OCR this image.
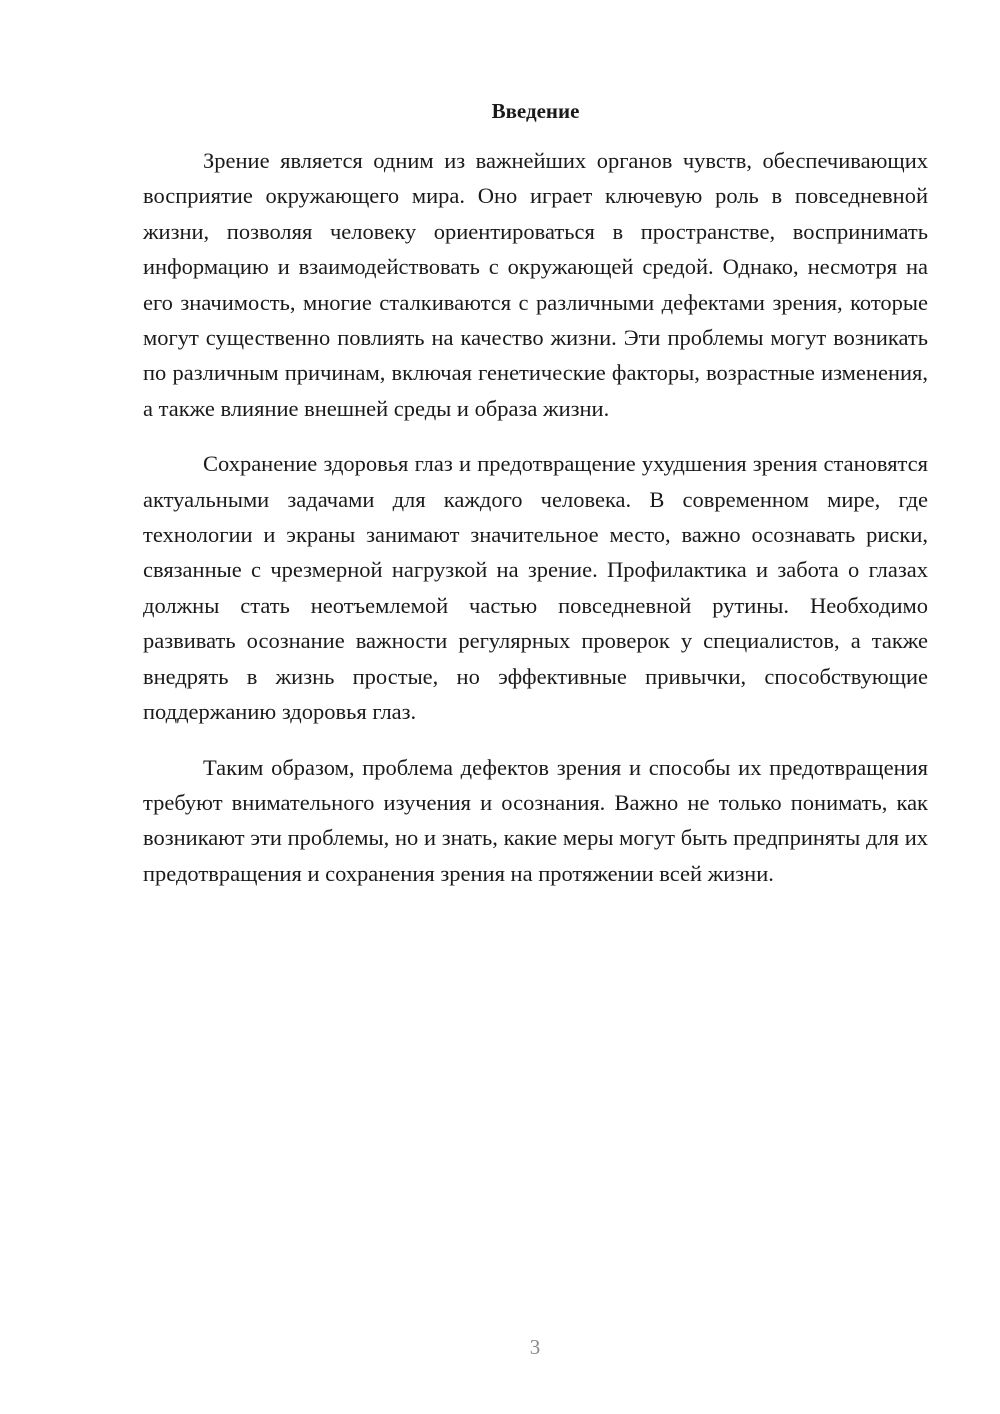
Введение

Зрение является одним из важнейших органов чувств, обеспечивающих восприятие окружающего мира. Оно играет ключевую роль в повседневной жизни, позволяя человеку ориентироваться в пространстве, воспринимать информацию и взаимодействовать с окружающей средой. Однако, несмотря на его значимость, многие сталкиваются с различными дефектами зрения, которые могут существенно повлиять на качество жизни. Эти проблемы могут возникать по различным причинам, включая генетические факторы, возрастные изменения, а также влияние внешней среды и образа жизни.

Сохранение здоровья глаз и предотвращение ухудшения зрения становятся актуальными задачами для каждого человека. В современном мире, где технологии и экраны занимают значительное место, важно осознавать риски, связанные с чрезмерной нагрузкой на зрение. Профилактика и забота о глазах должны стать неотъемлемой частью повседневной рутины. Необходимо развивать осознание важности регулярных проверок у специалистов, а также внедрять в жизнь простые, но эффективные привычки, способствующие поддержанию здоровья глаз.

Таким образом, проблема дефектов зрения и способы их предотвращения требуют внимательного изучения и осознания. Важно не только понимать, как возникают эти проблемы, но и знать, какие меры могут быть предприняты для их предотвращения и сохранения зрения на протяжении всей жизни.

3
